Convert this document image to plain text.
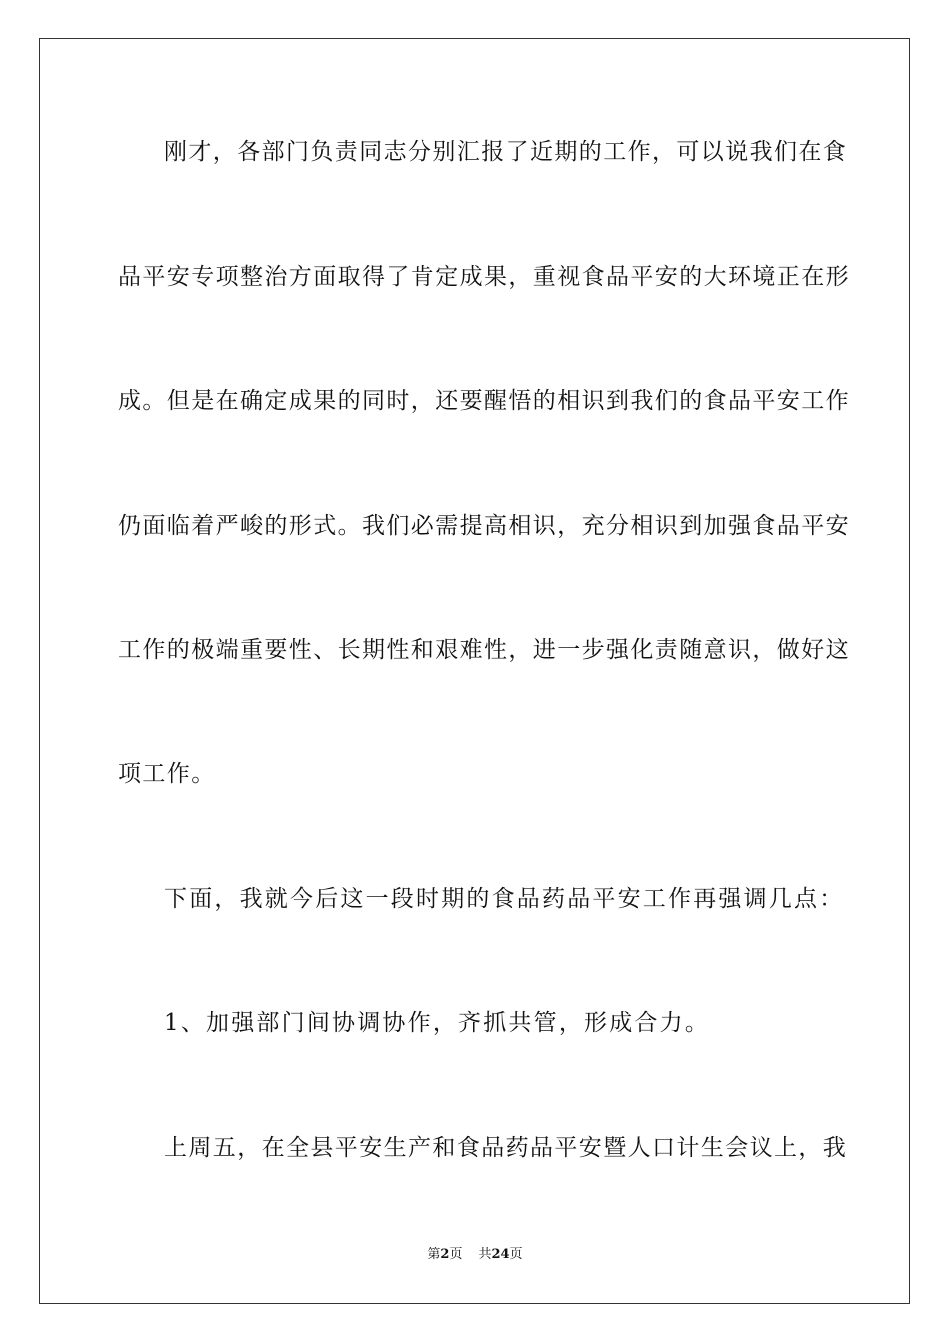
刚才，各部门负责同志分别汇报了近期的工作，可以说我们在食
品平安专项整治方面取得了肯定成果，重视食品平安的大环境正在形
成。但是在确定成果的同时，还要醒悟的相识到我们的食品平安工作
仍面临着严峻的形式。我们必需提高相识，充分相识到加强食品平安
工作的极端重要性、长期性和艰难性，进一步强化责随意识，做好这
项工作。
下面，我就今后这一段时期的食品药品平安工作再强调几点：
1、加强部门间协调协作，齐抓共管，形成合力。
上周五，在全县平安生产和食品药品平安暨人口计生会议上，我
第2页 共24页
